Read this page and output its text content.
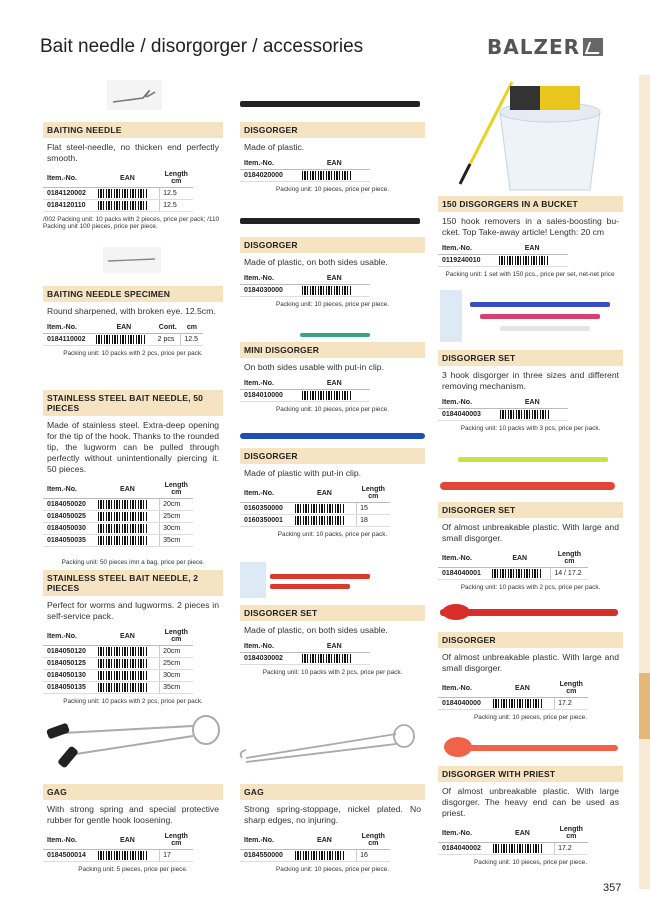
Bait needle / disorgorger / accessories	BALZER
BAITING NEEDLE
Flat steel-needle, no thicken end perfectly smooth.
Item.-No.	EAN	Length
cm
0184120002		12.5
0184120110		12.5
/002 Packing unit: 10 packs with 2 pieces, price per pack; /110 Packing unit 100 pieces, price per piece.
BAITING NEEDLE SPECIMEN
Round sharpened, with broken eye. 12.5cm.
Item.-No.	EAN	Cont.	cm
0184110002		2 pcs	12.5
Packing unit: 10 packs with 2 pcs, price per pack.
STAINLESS STEEL BAIT NEEDLE, 50 PIECES
Made of stainless steel. Extra-deep opening for the tip of the hook. Thanks to the rounded tip, the lugworm can be pulled through perfectly without unintentionally piercing it. 50 pieces.
Item.-No.	EAN	Length
cm
0184050020		20cm
0184050025		25cm
0184050030		30cm
0184050035		35cm
Packing unit: 50 pieces imn a bag, price per piece.
STAINLESS STEEL BAIT NEEDLE, 2 PIECES
Perfect for worms and lugworms. 2 pieces in self-service pack.
Item.-No.	EAN	Length
cm
0184050120		20cm
0184050125		25cm
0184050130		30cm
0184050135		35cm
Packing unit: 10 packs with 2 pcs, price per pack.
GAG
With strong spring and special protective rubber for gentle hook loosening.
Item.-No.	EAN	Length
cm
0184500014		17
Packing unit: 5 pieces, price per piece.
DISGORGER
Made of plastic.
Item.-No.	EAN
0184020000	
Packing unit: 10 pieces, price per piece.
DISGORGER
Made of plastic, on both sides usable.
Item.-No.	EAN
0184030000	
Packing unit: 10 pieces, price per piece.
MINI DISGORGER
On both sides usable with put-in clip.
Item.-No.	EAN
0184010000	
Packing unit: 10 pieces, price per piece.
DISGORGER
Made of plastic with put-in clip.
Item.-No.	EAN	Length
cm
0160350000		15
0160350001		18
Packing unit: 10 packs, price per pack.
DISGORGER SET
Made of plastic, on both sides usable.
Item.-No.	EAN
0184030002	
Packing unit: 10 packs with 2 pcs, price per pack.
GAG
Strong spring-stoppage, nickel plated. No sharp edges, no injuring.
Item.-No.	EAN	Length
cm
0184550000		16
Packing unit: 10 pieces, price per piece.
150 DISGORGERS IN A BUCKET
150 hook removers in a sales-boosting bu-cket. Top Take-away article! Length: 20 cm
Item.-No.	EAN
0119240010	
Packing unit: 1 set with 150 pcs., price per set, net-net price
DISGORGER SET
3 hook disgorger in three sizes and different removing mechanism.
Item.-No.	EAN
0184040003	
Packing unit: 10 packs with 3 pcs, price per pack.
DISGORGER SET
Of almost unbreakable plastic. With large and small disgorger.
Item.-No.	EAN	Length
cm
0184040001		14 / 17.2
Packing unit: 10 packs with 2 pcs, price per pack.
DISGORGER
Of almost unbreakable plastic. With large and small disgorger.
Item.-No.	EAN	Length
cm
0184040000		17.2
Packing unit: 10 pieces, price per piece.
DISGORGER WITH PRIEST
Of almost unbreakable plastic. With large disgorger. The heavy end can be used as priest.
Item.-No.	EAN	Length
cm
0184040002		17.2
Packing unit: 10 pieces, price per piece.
357
